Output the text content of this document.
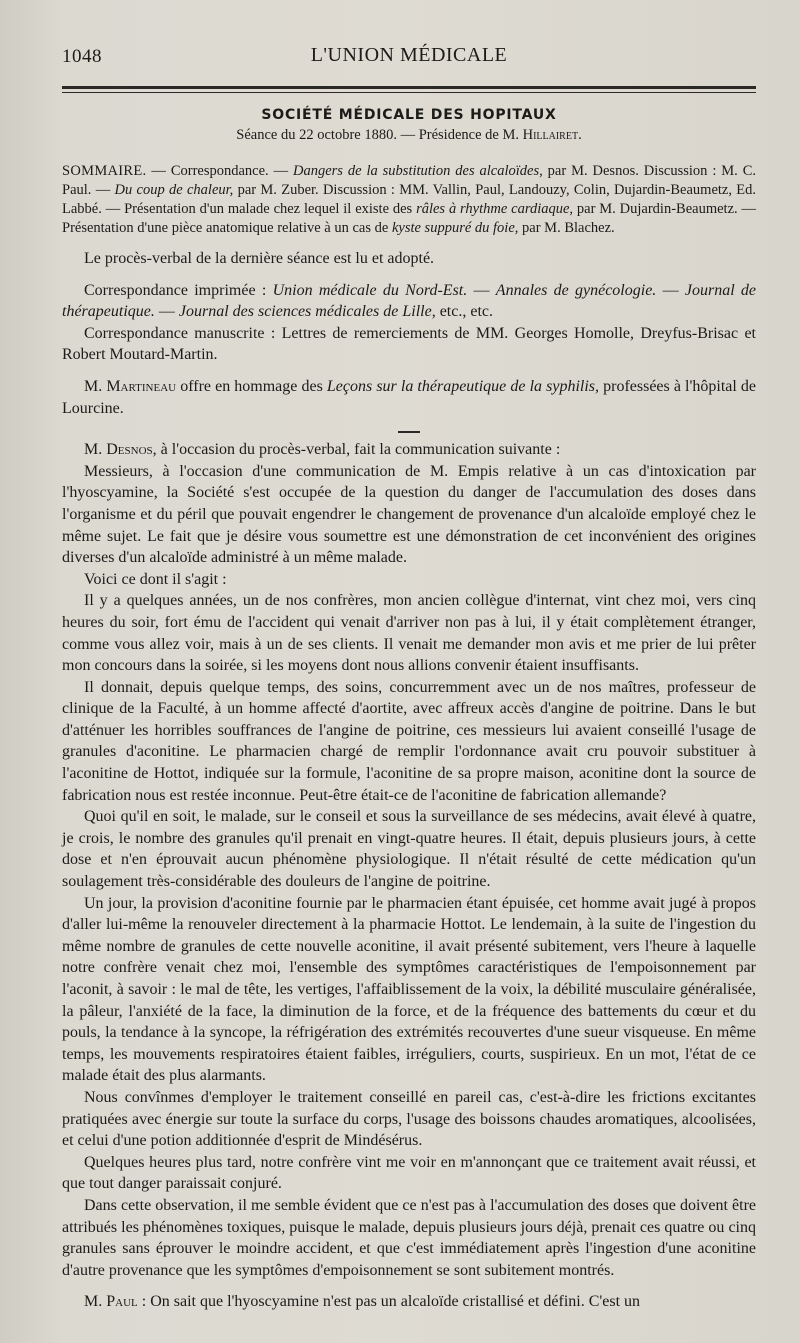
1048	L'UNION MÉDICALE
SOCIÉTÉ MÉDICALE DES HOPITAUX
Séance du 22 octobre 1880. — Présidence de M. Hillairet.
SOMMAIRE. — Correspondance. — Dangers de la substitution des alcaloïdes, par M. Desnos. Discussion : M. C. Paul. — Du coup de chaleur, par M. Zuber. Discussion : MM. Vallin, Paul, Landouzy, Colin, Dujardin-Beaumetz, Ed. Labbé. — Présentation d'un malade chez lequel il existe des râles à rhythme cardiaque, par M. Dujardin-Beaumetz. — Présentation d'une pièce anatomique relative à un cas de kyste suppuré du foie, par M. Blachez.

Le procès-verbal de la dernière séance est lu et adopté.

Correspondance imprimée : Union médicale du Nord-Est. — Annales de gynécologie. — Journal de thérapeutique. — Journal des sciences médicales de Lille, etc., etc.

Correspondance manuscrite : Lettres de remerciements de MM. Georges Homolle, Dreyfus-Brisac et Robert Moutard-Martin.

M. Martineau offre en hommage des Leçons sur la thérapeutique de la syphilis, professées à l'hôpital de Lourcine.

M. Desnos, à l'occasion du procès-verbal, fait la communication suivante :

Messieurs, à l'occasion d'une communication de M. Empis relative à un cas d'intoxication par l'hyoscyamine, la Société s'est occupée de la question du danger de l'accumulation des doses dans l'organisme et du péril que pouvait engendrer le changement de provenance d'un alcaloïde employé chez le même sujet. Le fait que je désire vous soumettre est une démonstration de cet inconvénient des origines diverses d'un alcaloïde administré à un même malade.

Voici ce dont il s'agit :

Il y a quelques années, un de nos confrères, mon ancien collègue d'internat, vint chez moi, vers cinq heures du soir, fort ému de l'accident qui venait d'arriver non pas à lui, il y était complètement étranger, comme vous allez voir, mais à un de ses clients. Il venait me demander mon avis et me prier de lui prêter mon concours dans la soirée, si les moyens dont nous allions convenir étaient insuffisants.

Il donnait, depuis quelque temps, des soins, concurremment avec un de nos maîtres, professeur de clinique de la Faculté, à un homme affecté d'aortite, avec affreux accès d'angine de poitrine. Dans le but d'atténuer les horribles souffrances de l'angine de poitrine, ces messieurs lui avaient conseillé l'usage de granules d'aconitine. Le pharmacien chargé de remplir l'ordonnance avait cru pouvoir substituer à l'aconitine de Hottot, indiquée sur la formule, l'aconitine de sa propre maison, aconitine dont la source de fabrication nous est restée inconnue. Peut-être était-ce de l'aconitine de fabrication allemande?

Quoi qu'il en soit, le malade, sur le conseil et sous la surveillance de ses médecins, avait élevé à quatre, je crois, le nombre des granules qu'il prenait en vingt-quatre heures. Il était, depuis plusieurs jours, à cette dose et n'en éprouvait aucun phénomène physiologique. Il n'était résulté de cette médication qu'un soulagement très-considérable des douleurs de l'angine de poitrine.

Un jour, la provision d'aconitine fournie par le pharmacien étant épuisée, cet homme avait jugé à propos d'aller lui-même la renouveler directement à la pharmacie Hottot. Le lendemain, à la suite de l'ingestion du même nombre de granules de cette nouvelle aconitine, il avait présenté subitement, vers l'heure à laquelle notre confrère venait chez moi, l'ensemble des symptômes caractéristiques de l'empoisonnement par l'aconit, à savoir : le mal de tête, les vertiges, l'affaiblissement de la voix, la débilité musculaire généralisée, la pâleur, l'anxiété de la face, la diminution de la force, et de la fréquence des battements du cœur et du pouls, la tendance à la syncope, la réfrigération des extrémités recouvertes d'une sueur visqueuse. En même temps, les mouvements respiratoires étaient faibles, irréguliers, courts, suspirieux. En un mot, l'état de ce malade était des plus alarmants.

Nous convînmes d'employer le traitement conseillé en pareil cas, c'est-à-dire les frictions excitantes pratiquées avec énergie sur toute la surface du corps, l'usage des boissons chaudes aromatiques, alcoolisées, et celui d'une potion additionnée d'esprit de Mindésérus.

Quelques heures plus tard, notre confrère vint me voir en m'annonçant que ce traitement avait réussi, et que tout danger paraissait conjuré.

Dans cette observation, il me semble évident que ce n'est pas à l'accumulation des doses que doivent être attribués les phénomènes toxiques, puisque le malade, depuis plusieurs jours déjà, prenait ces quatre ou cinq granules sans éprouver le moindre accident, et que c'est immédiatement après l'ingestion d'une aconitine d'autre provenance que les symptômes d'empoisonnement se sont subitement montrés.

M. Paul : On sait que l'hyoscyamine n'est pas un alcaloïde cristallisé et défini. C'est un
